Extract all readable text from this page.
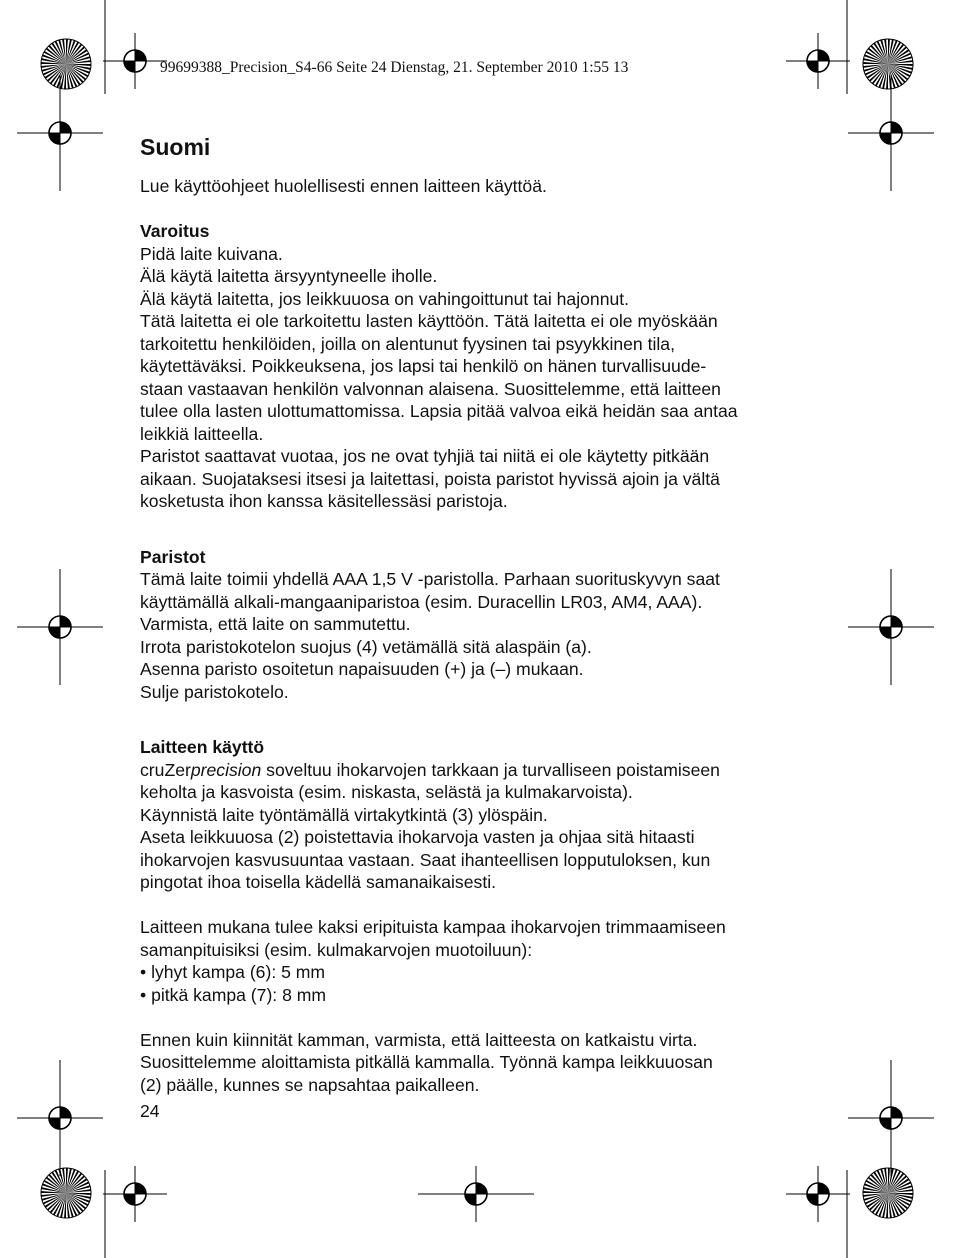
99699388_Precision_S4-66 Seite 24 Dienstag, 21. September 2010 1:55 13

Suomi

Lue käyttöohjeet huolellisesti ennen laitteen käyttöä.

Varoitus

Pidä laite kuivana.

Älä käytä laitetta ärsyyntyneelle iholle.

Älä käytä laitetta, jos leikkuuosa on vahingoittunut tai hajonnut.

Tätä laitetta ei ole tarkoitettu lasten käyttöön. Tätä laitetta ei ole myöskään

tarkoitettu henkilöiden, joilla on alentunut fyysinen tai psyykkinen tila,

käytettäväksi. Poikkeuksena, jos lapsi tai henkilö on hänen turvallisuude-

staan vastaavan henkilön valvonnan alaisena. Suosittelemme, että laitteen

tulee olla lasten ulottumattomissa. Lapsia pitää valvoa eikä heidän saa antaa

leikkiä laitteella.

Paristot saattavat vuotaa, jos ne ovat tyhjiä tai niitä ei ole käytetty pitkään

aikaan. Suojataksesi itsesi ja laitettasi, poista paristot hyvissä ajoin ja vältä

kosketusta ihon kanssa käsitellessäsi paristoja.

Paristot

Tämä laite toimii yhdellä AAA 1,5 V -paristolla. Parhaan suorituskyvyn saat

käyttämällä alkali-mangaaniparistoa (esim. Duracellin LR03, AM4, AAA).

Varmista, että laite on sammutettu.

Irrota paristokotelon suojus (4) vetämällä sitä alaspäin (a).

Asenna paristo osoitetun napaisuuden (+) ja (–) mukaan.

Sulje paristokotelo.

Laitteen käyttö

cruZerprecision soveltuu ihokarvojen tarkkaan ja turvalliseen poistamiseen

keholta ja kasvoista (esim. niskasta, selästä ja kulmakarvoista).

Käynnistä laite työntämällä virtakytkintä (3) ylöspäin.

Aseta leikkuuosa (2) poistettavia ihokarvoja vasten ja ohjaa sitä hitaasti

ihokarvojen kasvusuuntaa vastaan. Saat ihanteellisen lopputuloksen, kun

pingotat ihoa toisella kädellä samanaikaisesti.

Laitteen mukana tulee kaksi eripituista kampaa ihokarvojen trimmaamiseen

samanpituisiksi (esim. kulmakarvojen muotoiluun):

• lyhyt kampa (6): 5 mm

• pitkä kampa (7): 8 mm

Ennen kuin kiinnität kamman, varmista, että laitteesta on katkaistu virta.

Suosittelemme aloittamista pitkällä kammalla. Työnnä kampa leikkuuosan

(2) päälle, kunnes se napsahtaa paikalleen.

24
